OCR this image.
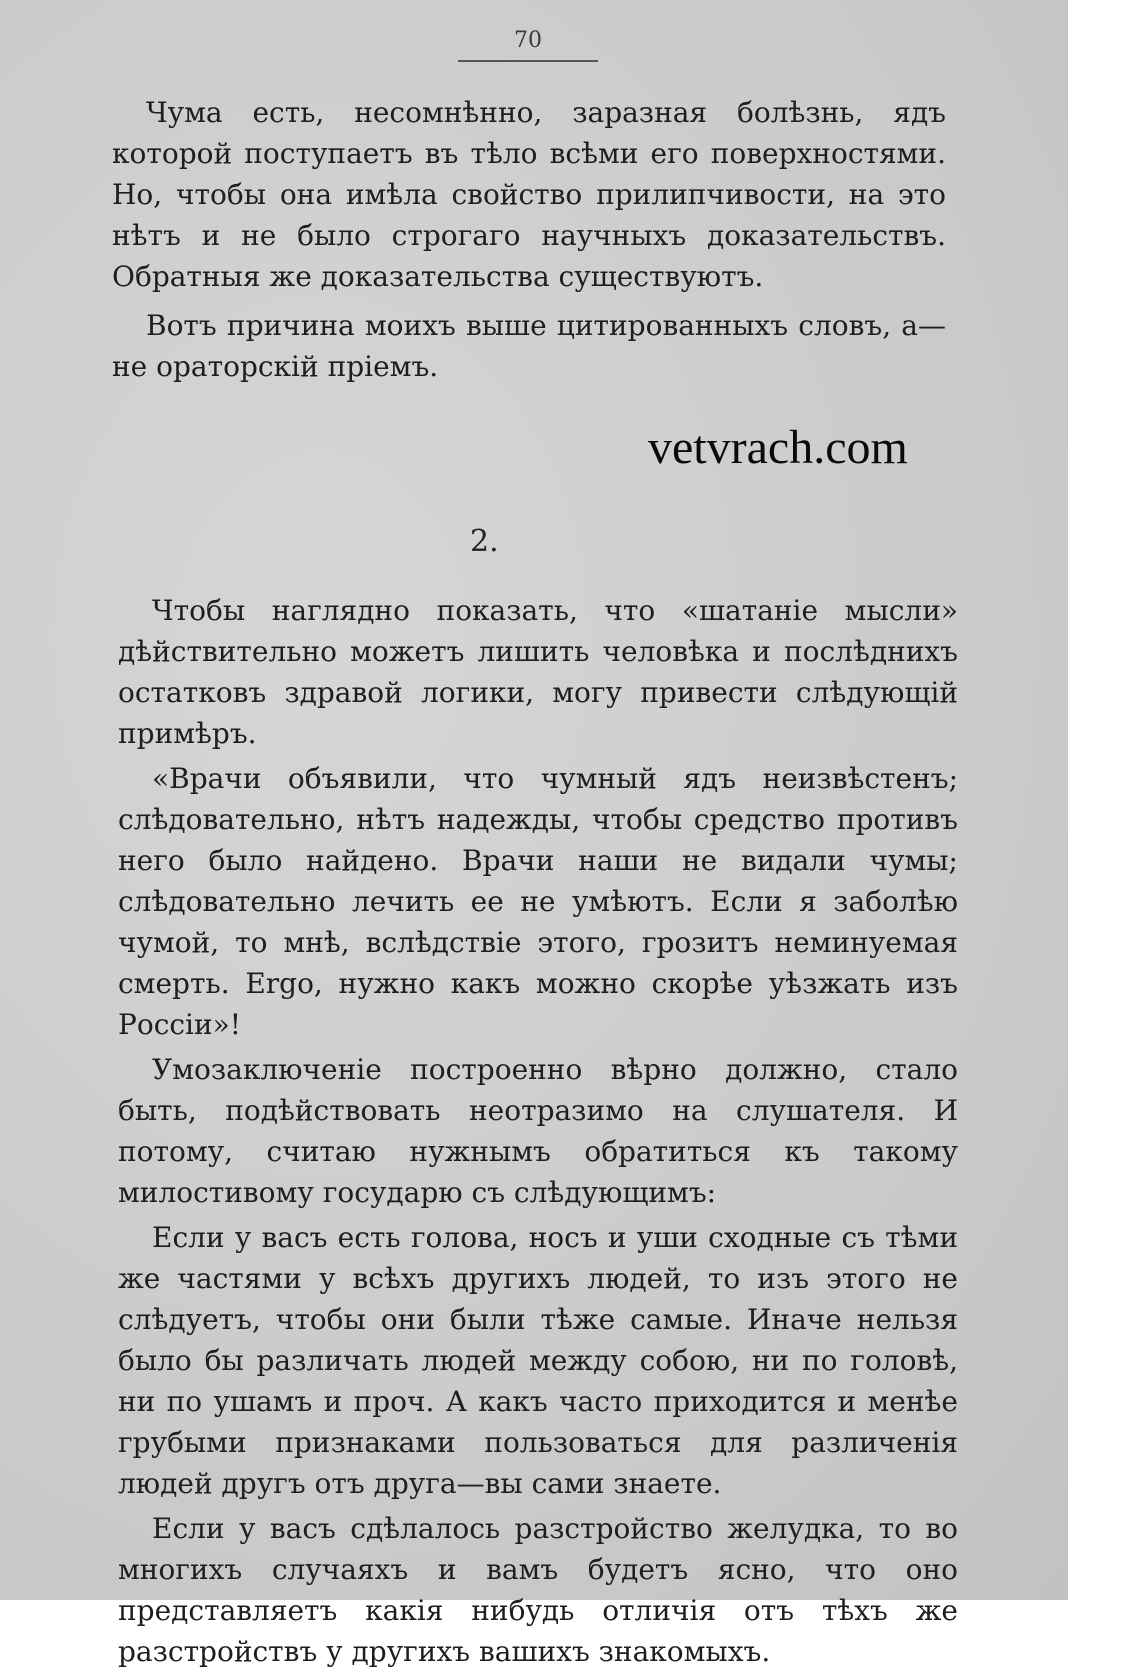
70

Чума есть, несомнѣнно, заразная болѣзнь, ядъ которой поступаетъ въ тѣло всѣми его поверхностями. Но, чтобы она имѣла свойство прилипчивости, на это нѣтъ и не было строгаго научныхъ доказательствъ. Обратныя же доказательства существуютъ.

Вотъ причина моихъ выше цитированныхъ словъ, а—не ораторскій пріемъ.

vetvrach.com
2.

Чтобы наглядно показать, что «шатаніе мысли» дѣйствительно можетъ лишить человѣка и послѣднихъ остатковъ здравой логики, могу привести слѣдующій примѣръ.

«Врачи объявили, что чумный ядъ неизвѣстенъ; слѣдовательно, нѣтъ надежды, чтобы средство противъ него было найдено. Врачи наши не видали чумы; слѣдовательно лечить ее не умѣютъ. Если я заболѣю чумой, то мнѣ, вслѣдствіе этого, грозитъ неминуемая смерть. Ergo, нужно какъ можно скорѣе уѣзжать изъ Россіи»!

Умозаключеніе построенно вѣрно должно, стало быть, подѣйствовать неотразимо на слушателя. И потому, считаю нужнымъ обратиться къ такому милостивому государю съ слѣдующимъ:

Если у васъ есть голова, носъ и уши сходные съ тѣми же частями у всѣхъ другихъ людей, то изъ этого не слѣдуетъ, чтобы они были тѣже самые. Иначе нельзя было бы различать людей между собою, ни по головѣ, ни по ушамъ и проч. А какъ часто приходится и менѣе грубыми признаками пользоваться для различенія людей другъ отъ друга—вы сами знаете.

Если у васъ сдѣлалось разстройство желудка, то во многихъ случаяхъ и вамъ будетъ ясно, что оно представляетъ какія нибудь отличія отъ тѣхъ же разстройствъ у другихъ вашихъ знакомыхъ.
